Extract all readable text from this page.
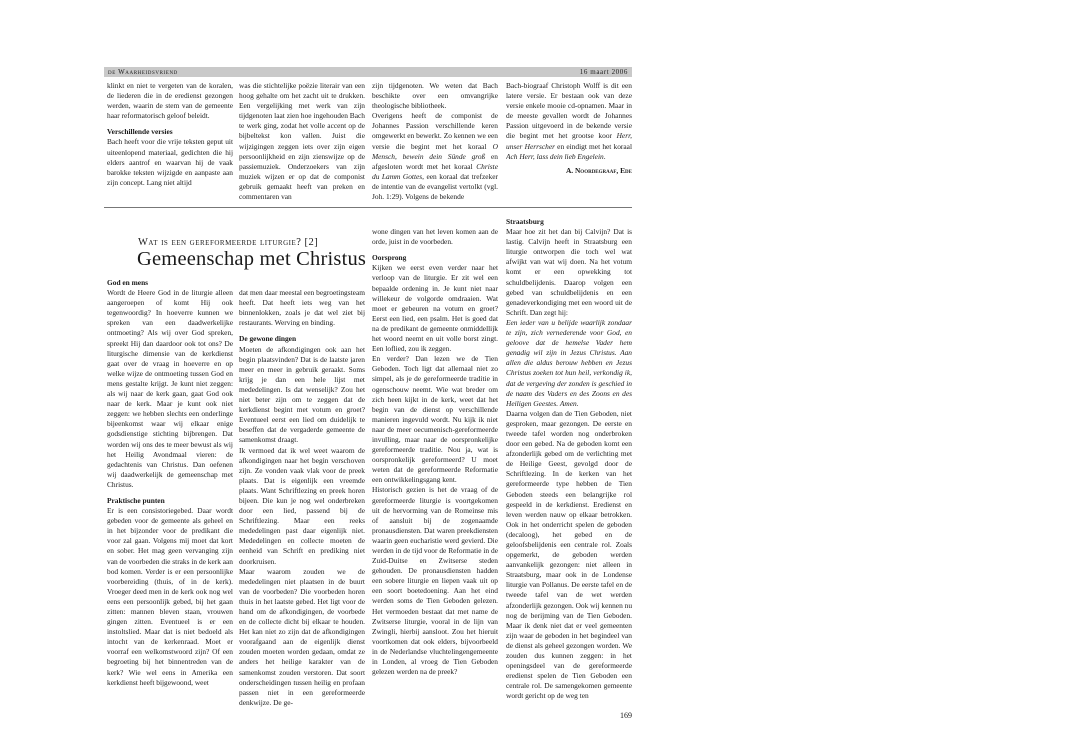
de Waarheidsvriend	16 maart 2006

klinkt en niet te vergeten van de koralen, de liederen die in de eredienst gezongen werden, waarin de stem van de gemeente haar reformatorisch geloof beleidt.

Verschillende versies

Bach heeft voor die vrije teksten geput uit uiteenlopend materiaal, gedichten die hij elders aantrof en waarvan hij de vaak barokke teksten wijzigde en aanpaste aan zijn concept. Lang niet altijd

was die stichtelijke poëzie literair van een hoog gehalte om het zacht uit te drukken. Een vergelijking met werk van zijn tijdgenoten laat zien hoe ingehouden Bach te werk ging, zodat het volle accent op de bijbeltekst kon vallen. Juist die wijzigingen zeggen iets over zijn eigen persoonlijkheid en zijn zienswijze op de passiemuziek. Onderzoekers van zijn muziek wijzen er op dat de componist gebruik gemaakt heeft van preken en commentaren van

zijn tijdgenoten. We weten dat Bach beschikte over een omvangrijke theologische bibliotheek.

Overigens heeft de componist de Johannes Passion verschillende keren omgewerkt en bewerkt. Zo kennen we een versie die begint met het koraal O Mensch, bewein dein Sünde groß en afgesloten wordt met het koraal Christe du Lamm Gottes, een koraal dat trefzeker de intentie van de evangelist vertolkt (vgl. Joh. 1:29). Volgens de bekende

Bach-biograaf Christoph Wolff is dit een latere versie. Er bestaan ook van deze versie enkele mooie cd-opnamen. Maar in de meeste gevallen wordt de Johannes Passion uitgevoerd in de bekende versie die begint met het grootse koor Herr, unser Herrscher en eindigt met het koraal Ach Herr, lass dein lieb Engelein.

A. Noordegraaf, Ede
Wat is een gereformeerde liturgie? [2]
Gemeenschap met Christus
God en mens

Wordt de Heere God in de liturgie alleen aangeroepen of komt Hij ook tegenwoordig? In hoeverre kunnen we spreken van een daadwerkelijke ontmoeting? Als wij over God spreken, spreekt Hij dan daardoor ook tot ons? De liturgische dimensie van de kerkdienst gaat over de vraag in hoeverre en op welke wijze de ontmoeting tussen God en mens gestalte krijgt. Je kunt niet zeggen: als wij naar de kerk gaan, gaat God ook naar de kerk. Maar je kunt ook niet zeggen: we hebben slechts een onderlinge bijeenkomst waar wij elkaar enige godsdienstige stichting bijbrengen. Dat worden wij ons des te meer bewust als wij het Heilig Avondmaal vieren: de gedachtenis van Christus. Dan oefenen wij daadwerkelijk de gemeenschap met Christus.

Praktische punten

Er is een consistoriegebed. Daar wordt gebeden voor de gemeente als geheel en in het bijzonder voor de predikant die voor zal gaan. Volgens mij moet dat kort en sober. Het mag geen vervanging zijn van de voorbeden die straks in de kerk aan bod komen. Verder is er een persoonlijke voorbereiding (thuis, of in de kerk). Vroeger deed men in de kerk ook nog wel eens een persoonlijk gebed, bij het gaan zitten: mannen bleven staan, vrouwen gingen zitten. Eventueel is er een instoltslied. Maar dat is niet bedoeld als intocht van de kerkenraad. Moet er voorraf een welkomstwoord zijn? Of een begroeting bij het binnentreden van de kerk? Wie wel eens in Amerika een kerkdienst heeft bijgewoond, weet

dat men daar meestal een begroetingsteam heeft. Dat heeft iets weg van het binnenlokken, zoals je dat wel ziet bij restaurants. Werving en binding.

De gewone dingen

Moeten de afkondigingen ook aan het begin plaatsvinden? Dat is de laatste jaren meer en meer in gebruik geraakt. Soms krijg je dan een hele lijst met mededelingen. Is dat wenselijk? Zou het niet beter zijn om te zeggen dat de kerkdienst begint met votum en groet? Eventueel eerst een lied om duidelijk te beseffen dat de vergaderde gemeente de samenkomst draagt.
Ik vermoed dat ik wel weet waarom de afkondigingen naar het begin verschoven zijn. Ze vonden vaak vlak voor de preek plaats. Dat is eigenlijk een vreemde plaats. Want Schriftlezing en preek horen bijeen. Die kun je nog wel onderbreken door een lied, passend bij de Schriftlezing. Maar een reeks mededelingen past daar eigenlijk niet. Mededelingen en collecte moeten de eenheid van Schrift en prediking niet doorkruisen.
Maar waarom zouden we de mededelingen niet plaatsen in de buurt van de voorbeden? Die voorbeden horen thuis in het laatste gebed. Het ligt voor de hand om de afkondigingen, de voorbede en de collecte dicht bij elkaar te houden. Het kan niet zo zijn dat de afkondigingen voorafgaand aan de eigenlijk dienst zouden moeten worden gedaan, omdat ze anders het heilige karakter van de samenkomst zouden verstoren. Dat soort onderscheidingen tussen heilig en profaan passen niet in een gereformeerde denkwijze. De ge-

wone dingen van het leven komen aan de orde, juist in de voorbeden.

Oorsprong

Kijken we eerst even verder naar het verloop van de liturgie. Er zit wel een bepaalde ordening in. Je kunt niet naar willekeur de volgorde omdraaien. Wat moet er gebeuren na votum en groet? Eerst een lied, een psalm. Het is goed dat na de predikant de gemeente onmiddellijk het woord neemt en uit volle borst zingt. Een loflied, zou ik zeggen.
En verder? Dan lezen we de Tien Geboden. Toch ligt dat allemaal niet zo simpel, als je de gereformeerde traditie in ogenschouw neemt. Wie wat breder om zich heen kijkt in de kerk, weet dat het begin van de dienst op verschillende manieren ingevuld wordt. Nu kijk ik niet naar de meer oecumenisch-gereformeerde invulling, maar naar de oorspronkelijke gereformeerde traditie. Nou ja, wat is oorspronkelijk gereformeerd? U moet weten dat de gereformeerde Reformatie een ontwikkelingsgang kent.
Historisch gezien is het de vraag of de gereformeerde liturgie is voortgekomen uit de hervorming van de Romeinse mis of aansluit bij de zogenaamde pronausdiensten. Dat waren preekdiensten waarin geen eucharistie werd gevierd. Die werden in de tijd voor de Reformatie in de Zuid-Duitse en Zwitserse steden gehouden. De pronausdiensten hadden een sobere liturgie en liepen vaak uit op een soort boetedoening. Aan het eind werden soms de Tien Geboden gelezen. Het vermoeden bestaat dat met name de Zwitserse liturgie, vooral in de lijn van Zwingli, hierbij aansloot. Zou het hieruit voortkomen dat ook elders, bijvoorbeeld in de Nederlandse vluchtelingengemeente in Londen, al vroeg de Tien Geboden gelezen werden na de preek?

Straatsburg

Maar hoe zit het dan bij Calvijn? Dat is lastig. Calvijn heeft in Straatsburg een liturgie ontworpen die toch wel wat afwijkt van wat wij doen. Na het votum komt er een opwekking tot schuldbelijdenis. Daarop volgen een gebed van schuldbelijdenis en een genadeverkondiging met een woord uit de Schrift. Dan zegt hij:

Een ieder van u belijde waarlijk zondaar te zijn, zich vernederende voor God, en geloove dat de hemelse Vader hem genadig wil zijn in Jezus Christus. Aan allen die aldus berouw hebben en Jezus Christus zoeken tot hun heil, verkondig ik, dat de vergeving der zonden is geschied in de naam des Vaders en des Zoons en des Heiligen Geestes. Amen.

Daarna volgen dan de Tien Geboden, niet gesproken, maar gezongen. De eerste en tweede tafel worden nog onderbroken door een gebed. Na de geboden komt een afzonderlijk gebed om de verlichting met de Heilige Geest, gevolgd door de Schriftlezing. In de kerken van het gereformeerde type hebben de Tien Geboden steeds een belangrijke rol gespeeld in de kerkdienst. Eredienst en leven werden nauw op elkaar betrokken. Ook in het onderricht spelen de geboden (decaloog), het gebed en de geloofsbelijdenis een centrale rol. Zoals opgemerkt, de geboden werden aanvankelijk gezongen: niet alleen in Straatsburg, maar ook in de Londense liturgie van Pollanus. De eerste tafel en de tweede tafel van de wet werden afzonderlijk gezongen. Ook wij kennen nu nog de berijming van de Tien Geboden. Maar ik denk niet dat er veel gemeenten zijn waar de geboden in het begindeel van de dienst als geheel gezongen worden. We zouden dus kunnen zeggen: in het openingsdeel van de gereformeerde eredienst spelen de Tien Geboden een centrale rol. De samengekomen gemeente wordt gericht op de weg ten

169
